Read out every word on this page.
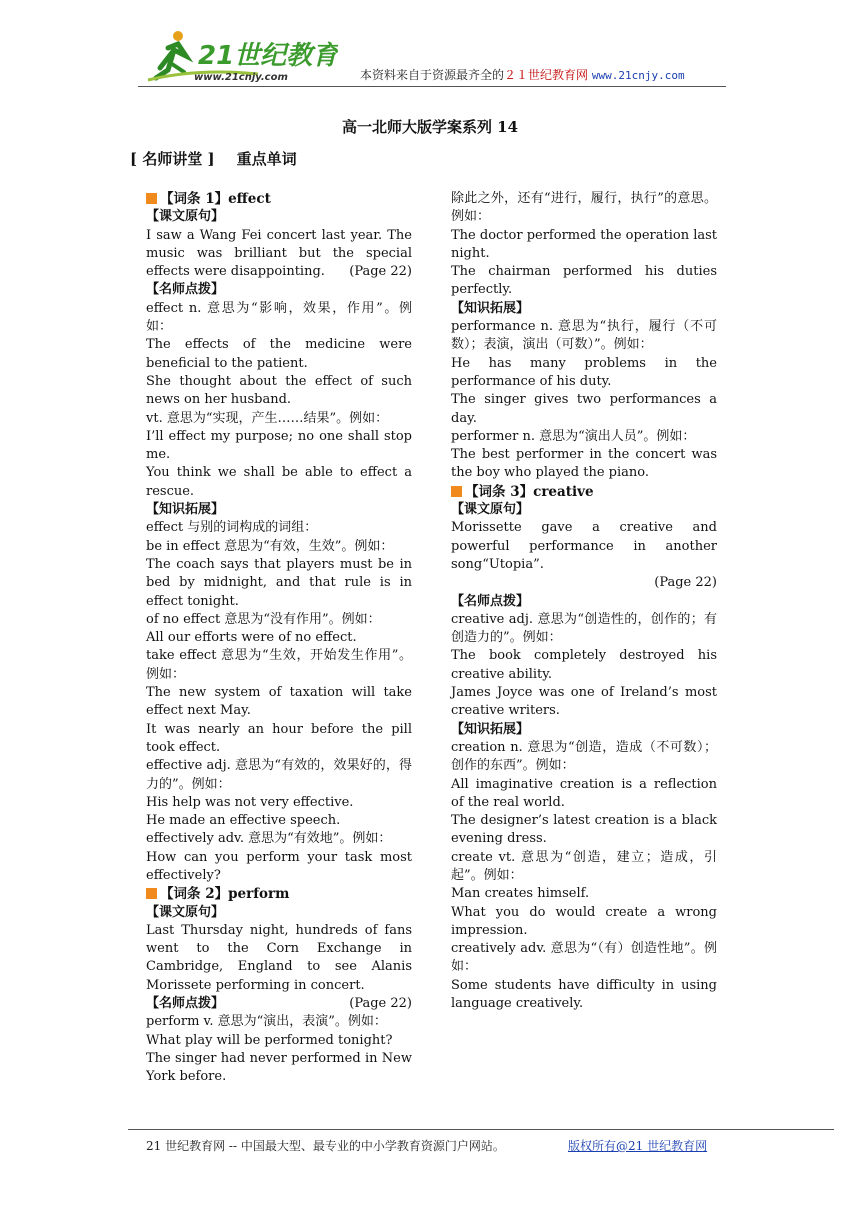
21世纪教育
www.21cnjy.com	本资料来自于资源最齐全的２１世纪教育网 www.21cnjy.com
高一北师大版学案系列 14
[ 名师讲堂 ] 重点单词
【词条 1】effect
【课文原句】
I saw a Wang Fei concert last year. The music was brilliant but the special effects were disappointing. (Page 22)
【名师点拨】
effect n. 意思为“影响，效果，作用”。例如：
The effects of the medicine were beneficial to the patient.
She thought about the effect of such news on her husband.
vt. 意思为“实现，产生……结果”。例如：
I’ll effect my purpose; no one shall stop me.
You think we shall be able to effect a rescue.
【知识拓展】
effect 与别的词构成的词组：
be in effect 意思为“有效，生效”。例如：
The coach says that players must be in bed by midnight, and that rule is in effect tonight.
of no effect 意思为“没有作用”。例如：
All our efforts were of no effect.
take effect 意思为“生效，开始发生作用”。例如：
The new system of taxation will take effect next May.
It was nearly an hour before the pill took effect.
effective adj. 意思为“有效的，效果好的，得力的”。例如：
His help was not very effective.
He made an effective speech.
effectively adv. 意思为“有效地”。例如：
How can you perform your task most effectively?
【词条 2】perform
【课文原句】
Last Thursday night, hundreds of fans went to the Corn Exchange in Cambridge, England to see Alanis Morissete performing in concert.
(Page 22)
【名师点拨】
perform v. 意思为“演出，表演”。例如：
What play will be performed tonight?
The singer had never performed in New York before.
除此之外，还有“进行，履行，执行”的意思。例如：
The doctor performed the operation last night.
The chairman performed his duties perfectly.
【知识拓展】
performance n. 意思为“执行，履行（不可数）；表演，演出（可数）”。例如：
He has many problems in the performance of his duty.
The singer gives two performances a day.
performer n. 意思为“演出人员”。例如：
The best performer in the concert was the boy who played the piano.
【词条 3】creative
【课文原句】
Morissette gave a creative and powerful performance in another song“Utopia”.
(Page 22)
【名师点拨】
creative adj. 意思为“创造性的，创作的；有创造力的”。例如：
The book completely destroyed his creative ability.
James Joyce was one of Ireland’s most creative writers.
【知识拓展】
creation n. 意思为“创造，造成（不可数）；创作的东西”。例如：
All imaginative creation is a reflection of the real world.
The designer’s latest creation is a black evening dress.
create vt. 意思为“创造，建立；造成，引起”。例如：
Man creates himself.
What you do would create a wrong impression.
creatively adv. 意思为“（有）创造性地”。例如：
Some students have difficulty in using language creatively.
21 世纪教育网 -- 中国最大型、最专业的中小学教育资源门户网站。	版权所有@21 世纪教育网
